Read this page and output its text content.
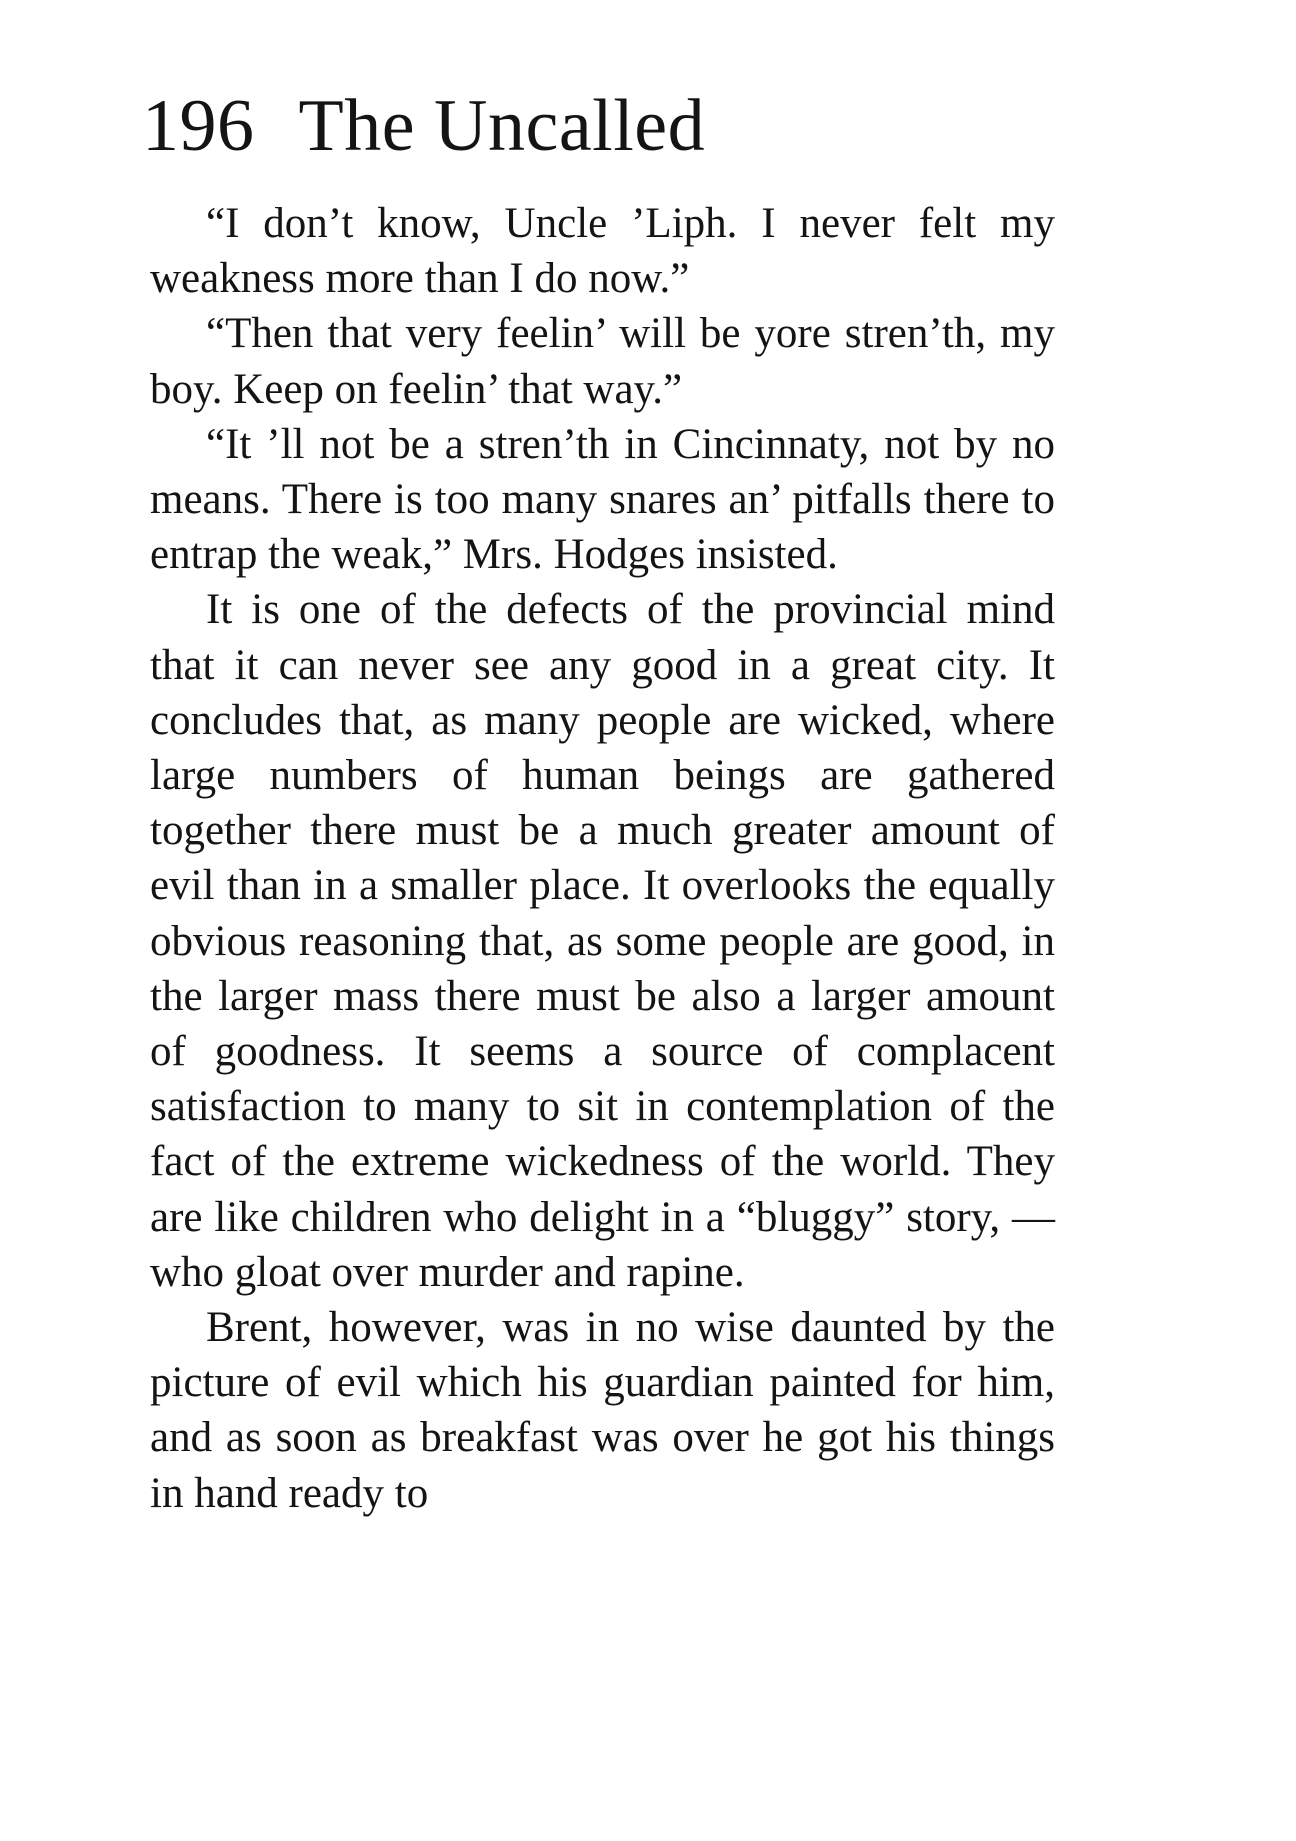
196 The Uncalled

“I don’t know, Uncle ’Liph. I never felt my weakness more than I do now.”

“Then that very feelin’ will be yore stren’th, my boy. Keep on feelin’ that way.”

“It ’ll not be a stren’th in Cincinnaty, not by no means. There is too many snares an’ pitfalls there to entrap the weak,” Mrs. Hodges insisted.

It is one of the defects of the provincial mind that it can never see any good in a great city. It concludes that, as many people are wicked, where large numbers of human beings are gathered together there must be a much greater amount of evil than in a smaller place. It overlooks the equally obvious reasoning that, as some people are good, in the larger mass there must be also a larger amount of goodness. It seems a source of complacent satisfaction to many to sit in contemplation of the fact of the extreme wickedness of the world. They are like children who delight in a “bluggy” story, — who gloat over murder and rapine.

Brent, however, was in no wise daunted by the picture of evil which his guardian painted for him, and as soon as breakfast was over he got his things in hand ready to
